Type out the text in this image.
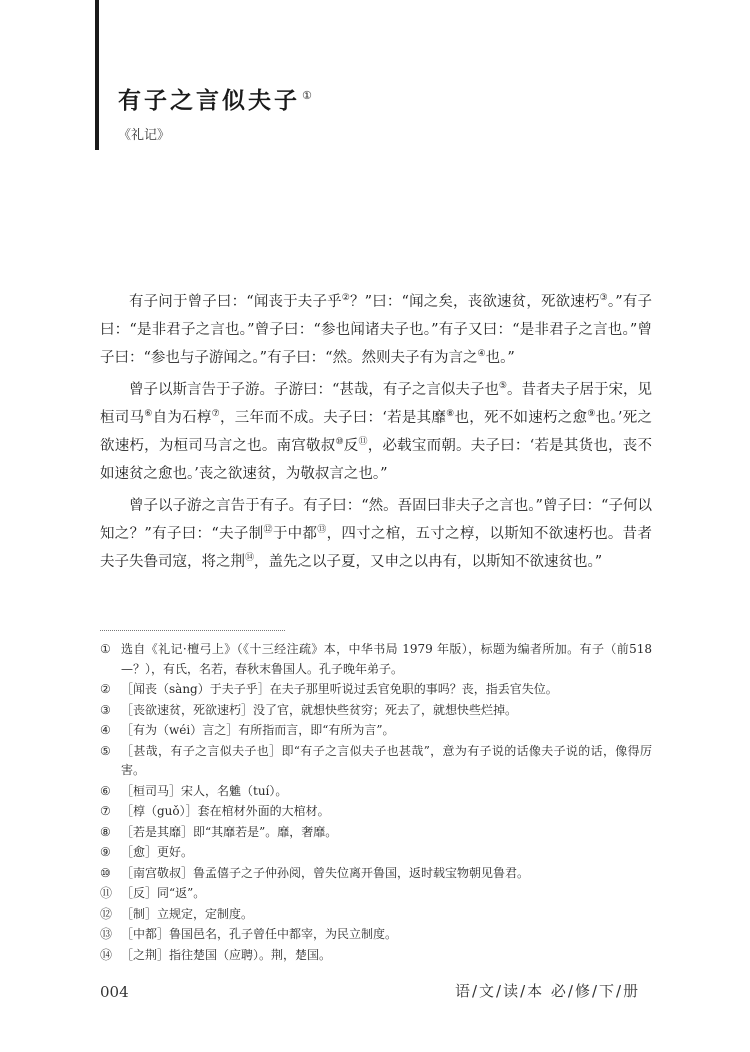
有子之言似夫子 ①
《礼记》

有子问于曾子曰：“闻丧于夫子乎②？”曰：“闻之矣，丧欲速贫，死欲速朽③。”有子曰：“是非君子之言也。”曾子曰：“参也闻诸夫子也。”有子又曰：“是非君子之言也。”曾子曰：“参也与子游闻之。”有子曰：“然。然则夫子有为言之④也。”

曾子以斯言告于子游。子游曰：“甚哉，有子之言似夫子也⑤。昔者夫子居于宋，见桓司马⑥自为石椁⑦，三年而不成。夫子曰：‘若是其靡⑧也，死不如速朽之愈⑨也。’死之欲速朽，为桓司马言之也。南宫敬叔⑩反⑪，必载宝而朝。夫子曰：‘若是其货也，丧不如速贫之愈也。’丧之欲速贫，为敬叔言之也。”

曾子以子游之言告于有子。有子曰：“然。吾固曰非夫子之言也。”曾子曰：“子何以知之？”有子曰：“夫子制⑫于中都⑬，四寸之棺，五寸之椁，以斯知不欲速朽也。昔者夫子失鲁司寇，将之荆⑭，盖先之以子夏，又申之以冉有，以斯知不欲速贫也。”

① 选自《礼记·檀弓上》（《十三经注疏》本，中华书局 1979 年版），标题为编者所加。有子（前518—？），有氏，名若，春秋末鲁国人。孔子晚年弟子。
② ［闻丧（sàng）于夫子乎］在夫子那里听说过丢官免职的事吗？丧，指丢官失位。
③ ［丧欲速贫，死欲速朽］没了官，就想快些贫穷；死去了，就想快些烂掉。
④ ［有为（wéi）言之］有所指而言，即“有所为言”。
⑤ ［甚哉，有子之言似夫子也］即“有子之言似夫子也甚哉”，意为有子说的话像夫子说的话，像得厉害。
⑥ ［桓司马］宋人，名魋（tuí）。
⑦ ［椁（guǒ）］套在棺材外面的大棺材。
⑧ ［若是其靡］即“其靡若是”。靡，奢靡。
⑨ ［愈］更好。
⑩ ［南宫敬叔］鲁孟僖子之子仲孙阅，曾失位离开鲁国，返时载宝物朝见鲁君。
⑪ ［反］同“返”。
⑫ ［制］立规定，定制度。
⑬ ［中都］鲁国邑名，孔子曾任中都宰，为民立制度。
⑭ ［之荆］指往楚国（应聘）。荆，楚国。
004	语/文/读/本 必/修/下/册
